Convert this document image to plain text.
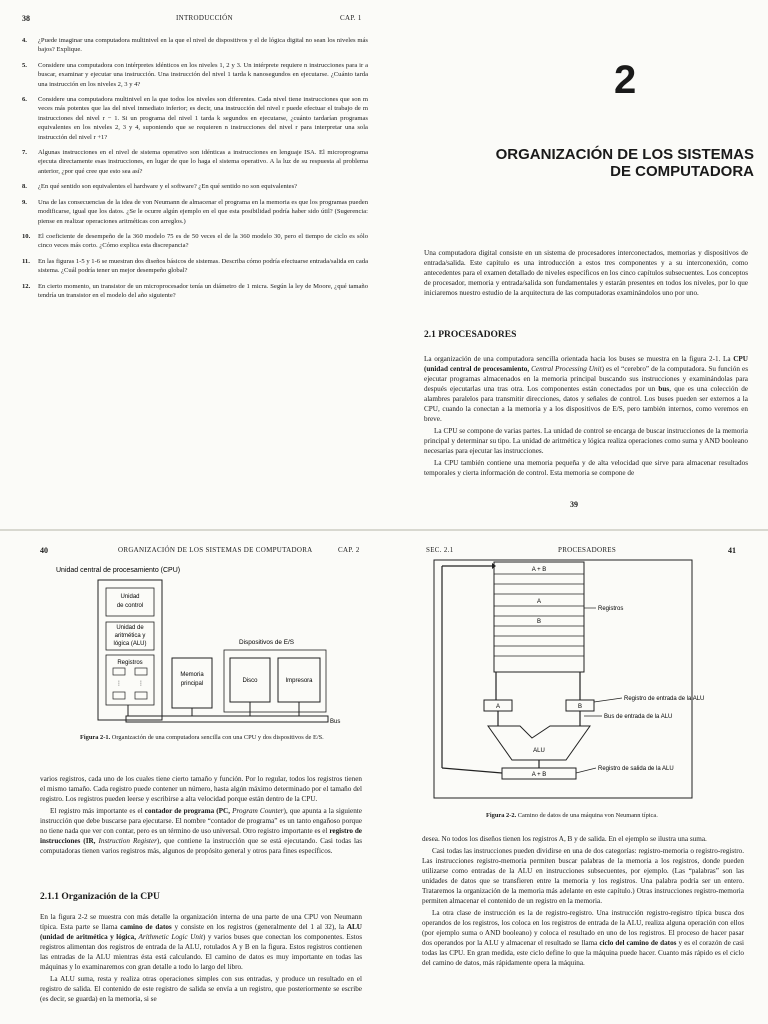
38	INTRODUCCIÓN	CAP. 1
4.	¿Puede imaginar una computadora multinivel en la que el nivel de dispositivos y el de lógica digital no sean los niveles más bajos? Explique.
5.	Considere una computadora con intérpretes idénticos en los niveles 1, 2 y 3. Un intérprete requiere n instrucciones para ir a buscar, examinar y ejecutar una instrucción. Una instrucción del nivel 1 tarda k nanosegundos en ejecutarse. ¿Cuánto tarda una instrucción en los niveles 2, 3 y 4?
6.	Considere una computadora multinivel en la que todos los niveles son diferentes. Cada nivel tiene instrucciones que son m veces más potentes que las del nivel inmediato inferior; es decir, una instrucción del nivel r puede efectuar el trabajo de m instrucciones del nivel r − 1. Si un programa del nivel 1 tarda k segundos en ejecutarse, ¿cuánto tardarían programas equivalentes en los niveles 2, 3 y 4, suponiendo que se requieren n instrucciones del nivel r para interpretar una sola instrucción del nivel r +1?
7.	Algunas instrucciones en el nivel de sistema operativo son idénticas a instrucciones en lenguaje ISA. El microprograma ejecuta directamente esas instrucciones, en lugar de que lo haga el sistema operativo. A la luz de su respuesta al problema anterior, ¿por qué cree que esto sea así?
8.	¿En qué sentido son equivalentes el hardware y el software? ¿En qué sentido no son equivalentes?
9.	Una de las consecuencias de la idea de von Neumann de almacenar el programa en la memoria es que los programas pueden modificarse, igual que los datos. ¿Se le ocurre algún ejemplo en el que esta posibilidad podría haber sido útil? (Sugerencia: piense en realizar operaciones aritméticas con arreglos.)
10.	El coeficiente de desempeño de la 360 modelo 75 es de 50 veces el de la 360 modelo 30, pero el tiempo de ciclo es sólo cinco veces más corto. ¿Cómo explica esta discrepancia?
11.	En las figuras 1-5 y 1-6 se muestran dos diseños básicos de sistemas. Describa cómo podría efectuarse entrada/salida en cada sistema. ¿Cuál podría tener un mejor desempeño global?
12.	En cierto momento, un transistor de un microprocesador tenía un diámetro de 1 micra. Según la ley de Moore, ¿qué tamaño tendría un transistor en el modelo del año siguiente?
2
ORGANIZACIÓN DE LOS SISTEMAS
DE COMPUTADORA

Una computadora digital consiste en un sistema de procesadores interconectados, memorias y dispositivos de entrada/salida. Este capítulo es una introducción a estos tres componentes y a su interconexión, como antecedentes para el examen detallado de niveles específicos en los cinco capítulos subsecuentes. Los conceptos de procesador, memoria y entrada/salida son fundamentales y estarán presentes en todos los niveles, por lo que iniciaremos nuestro estudio de la arquitectura de las computadoras examinándolos uno por uno.

2.1 PROCESADORES

La organización de una computadora sencilla orientada hacia los buses se muestra en la figura 2-1. La CPU (unidad central de procesamiento, Central Processing Unit) es el “cerebro” de la computadora. Su función es ejecutar programas almacenados en la memoria principal buscando sus instrucciones y examinándolas para después ejecutarlas una tras otra. Los componentes están conectados por un bus, que es una colección de alambres paralelos para transmitir direcciones, datos y señales de control. Los buses pueden ser externos a la CPU, cuando la conectan a la memoria y a los dispositivos de E/S, pero también internos, como veremos en breve.

La CPU se compone de varias partes. La unidad de control se encarga de buscar instrucciones de la memoria principal y determinar su tipo. La unidad de aritmética y lógica realiza operaciones como suma y AND booleano necesarias para ejecutar las instrucciones.

La CPU también contiene una memoria pequeña y de alta velocidad que sirve para almacenar resultados temporales y cierta información de control. Esta memoria se compone de

39
40	ORGANIZACIÓN DE LOS SISTEMAS DE COMPUTADORA	CAP. 2
Unidad central de procesamiento (CPU)
Unidad
de control
Unidad de
aritmética y
lógica (ALU)
Registros
⋮	⋮
Memoria
principal
Dispositivos de E/S
Disco	Impresora
Bus
Figura 2-1. Organización de una computadora sencilla con una CPU y dos dispositivos de E/S.

varios registros, cada uno de los cuales tiene cierto tamaño y función. Por lo regular, todos los registros tienen el mismo tamaño. Cada registro puede contener un número, hasta algún máximo determinado por el tamaño del registro. Los registros pueden leerse y escribirse a alta velocidad porque están dentro de la CPU.

El registro más importante es el contador de programa (PC, Program Counter), que apunta a la siguiente instrucción que debe buscarse para ejecutarse. El nombre “contador de programa” es un tanto engañoso porque no tiene nada que ver con contar, pero es un término de uso universal. Otro registro importante es el registro de instrucciones (IR, Instruction Register), que contiene la instrucción que se está ejecutando. Casi todas las computadoras tienen varios registros más, algunos de propósito general y otros para fines específicos.

2.1.1 Organización de la CPU

En la figura 2-2 se muestra con más detalle la organización interna de una parte de una CPU von Neumann típica. Esta parte se llama camino de datos y consiste en los registros (generalmente del 1 al 32), la ALU (unidad de aritmética y lógica, Arithmetic Logic Unit) y varios buses que conectan los componentes. Estos registros alimentan dos registros de entrada de la ALU, rotulados A y B en la figura. Estos registros contienen las entradas de la ALU mientras ésta está calculando. El camino de datos es muy importante en todas las máquinas y lo examinaremos con gran detalle a todo lo largo del libro.

La ALU suma, resta y realiza otras operaciones simples con sus entradas, y produce un resultado en el registro de salida. El contenido de este registro de salida se envía a un registro, que posteriormente se escribe (es decir, se guarda) en la memoria, si se

SEC. 2.1	PROCESADORES	41
A + B
A
B
Registros
A	B
Registro de entrada de la ALU
Bus de entrada de la ALU
ALU
A + B
Registro de salida de la ALU
Figura 2-2. Camino de datos de una máquina von Neumann típica.

desea. No todos los diseños tienen los registros A, B y de salida. En el ejemplo se ilustra una suma.

Casi todas las instrucciones pueden dividirse en una de dos categorías: registro-memoria o registro-registro. Las instrucciones registro-memoria permiten buscar palabras de la memoria a los registros, donde pueden utilizarse como entradas de la ALU en instrucciones subsecuentes, por ejemplo. (Las “palabras” son las unidades de datos que se transfieren entre la memoria y los registros. Una palabra podría ser un entero. Trataremos la organización de la memoria más adelante en este capítulo.) Otras instrucciones registro-memoria permiten almacenar el contenido de un registro en la memoria.

La otra clase de instrucción es la de registro-registro. Una instrucción registro-registro típica busca dos operandos de los registros, los coloca en los registros de entrada de la ALU, realiza alguna operación con ellos (por ejemplo suma o AND booleano) y coloca el resultado en uno de los registros. El proceso de hacer pasar dos operandos por la ALU y almacenar el resultado se llama ciclo del camino de datos y es el corazón de casi todas las CPU. En gran medida, este ciclo define lo que la máquina puede hacer. Cuanto más rápido es el ciclo del camino de datos, más rápidamente opera la máquina.
